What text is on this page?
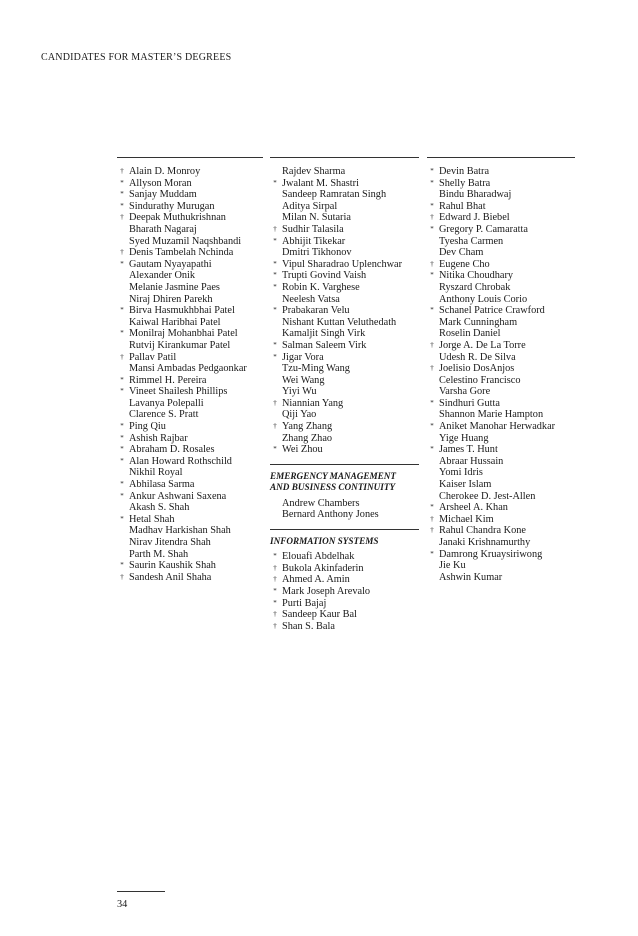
CANDIDATES FOR MASTER’S DEGREES
† Alain D. Monroy
* Allyson Moran
* Sanjay Muddam
* Sindurathy Murugan
† Deepak Muthukrishnan
Bharath Nagaraj
Syed Muzamil Naqshbandi
† Denis Tambelah Nchinda
* Gautam Nyayapathi
Alexander Onik
Melanie Jasmine Paes
Niraj Dhiren Parekh
* Birva Hasmukhbhai Patel
Kaiwal Haribhai Patel
* Monilraj Mohanbhai Patel
Rutvij Kirankumar Patel
† Pallav Patil
Mansi Ambadas Pedgaonkar
* Rimmel H. Pereira
* Vineet Shailesh Phillips
Lavanya Polepalli
Clarence S. Pratt
* Ping Qiu
* Ashish Rajbar
* Abraham D. Rosales
* Alan Howard Rothschild
Nikhil Royal
* Abhilasa Sarma
* Ankur Ashwani Saxena
Akash S. Shah
* Hetal Shah
Madhav Harkishan Shah
Nirav Jitendra Shah
Parth M. Shah
* Saurin Kaushik Shah
† Sandesh Anil Shaha
Rajdev Sharma
* Jwalant M. Shastri
Sandeep Ramratan Singh
Aditya Sirpal
Milan N. Sutaria
† Sudhir Talasila
* Abhijit Tikekar
Dmitri Tikhonov
* Vipul Sharadrao Uplenchwar
* Trupti Govind Vaish
* Robin K. Varghese
Neelesh Vatsa
* Prabakaran Velu
Nishant Kuttan Veluthedath
Kamaljit Singh Virk
* Salman Saleem Virk
* Jigar Vora
Tzu-Ming Wang
Wei Wang
Yiyi Wu
† Niannian Yang
Qiji Yao
† Yang Zhang
Zhang Zhao
* Wei Zhou
EMERGENCY MANAGEMENT
AND BUSINESS CONTINUITY
Andrew Chambers
Bernard Anthony Jones
INFORMATION SYSTEMS
* Elouafi Abdelhak
† Bukola Akinfaderin
† Ahmed A. Amin
* Mark Joseph Arevalo
* Purti Bajaj
† Sandeep Kaur Bal
† Shan S. Bala
* Devin Batra
* Shelly Batra
Bindu Bharadwaj
* Rahul Bhat
† Edward J. Biebel
* Gregory P. Camaratta
Tyesha Carmen
Dev Cham
† Eugene Cho
* Nitika Choudhary
Ryszard Chrobak
Anthony Louis Corio
* Schanel Patrice Crawford
Mark Cunningham
Roselin Daniel
† Jorge A. De La Torre
Udesh R. De Silva
† Joelisio DosAnjos
Celestino Francisco
Varsha Gore
* Sindhuri Gutta
Shannon Marie Hampton
* Aniket Manohar Herwadkar
Yige Huang
* James T. Hunt
Abraar Hussain
Yomi Idris
Kaiser Islam
Cherokee D. Jest-Allen
* Arsheel A. Khan
† Michael Kim
† Rahul Chandra Kone
Janaki Krishnamurthy
* Damrong Kruaysiriwong
Jie Ku
Ashwin Kumar
34
